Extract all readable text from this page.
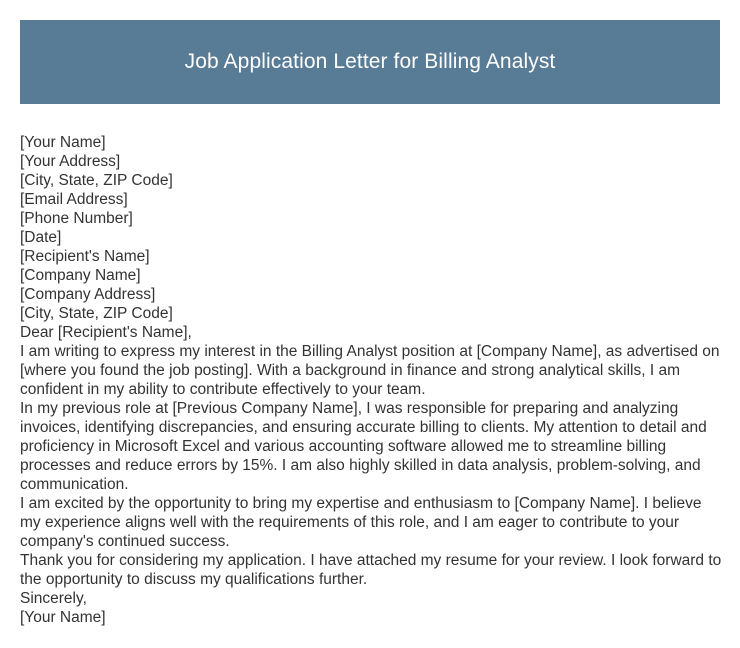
Job Application Letter for Billing Analyst
[Your Name]
[Your Address]
[City, State, ZIP Code]
[Email Address]
[Phone Number]
[Date]
[Recipient's Name]
[Company Name]
[Company Address]
[City, State, ZIP Code]
Dear [Recipient's Name],

I am writing to express my interest in the Billing Analyst position at [Company Name], as advertised on [where you found the job posting]. With a background in finance and strong analytical skills, I am confident in my ability to contribute effectively to your team.

In my previous role at [Previous Company Name], I was responsible for preparing and analyzing invoices, identifying discrepancies, and ensuring accurate billing to clients. My attention to detail and proficiency in Microsoft Excel and various accounting software allowed me to streamline billing processes and reduce errors by 15%. I am also highly skilled in data analysis, problem-solving, and communication.

I am excited by the opportunity to bring my expertise and enthusiasm to [Company Name]. I believe my experience aligns well with the requirements of this role, and I am eager to contribute to your company's continued success.

Thank you for considering my application. I have attached my resume for your review. I look forward to the opportunity to discuss my qualifications further.

Sincerely,
[Your Name]
